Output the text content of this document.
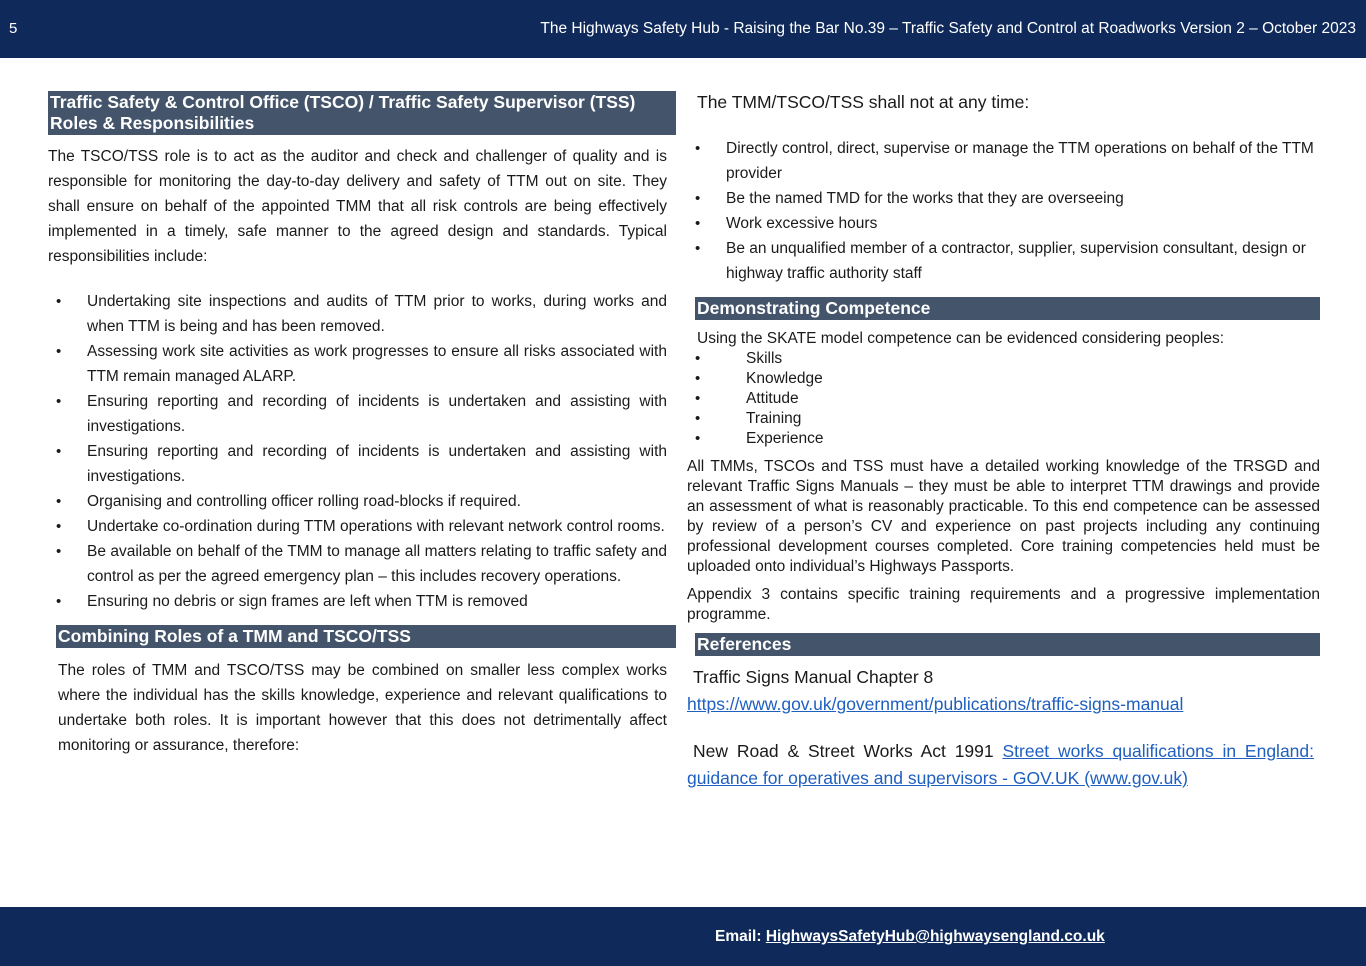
5	The Highways Safety Hub - Raising the Bar No.39 – Traffic Safety and Control at Roadworks Version 2 – October 2023
Traffic Safety & Control Office (TSCO) / Traffic Safety Supervisor (TSS) Roles & Responsibilities

The TSCO/TSS role is to act as the auditor and check and challenger of quality and is responsible for monitoring the day-to-day delivery and safety of TTM out on site. They shall ensure on behalf of the appointed TMM that all risk controls are being effectively implemented in a timely, safe manner to the agreed design and standards. Typical responsibilities include:

• Undertaking site inspections and audits of TTM prior to works, during works and when TTM is being and has been removed.
• Assessing work site activities as work progresses to ensure all risks associated with TTM remain managed ALARP.
• Ensuring reporting and recording of incidents is undertaken and assisting with investigations.
• Ensuring reporting and recording of incidents is undertaken and assisting with investigations.
• Organising and controlling officer rolling road-blocks if required.
• Undertake co-ordination during TTM operations with relevant network control rooms.
• Be available on behalf of the TMM to manage all matters relating to traffic safety and control as per the agreed emergency plan – this includes recovery operations.
• Ensuring no debris or sign frames are left when TTM is removed
Combining Roles of a TMM and TSCO/TSS

The roles of TMM and TSCO/TSS may be combined on smaller less complex works where the individual has the skills knowledge, experience and relevant qualifications to undertake both roles. It is important however that this does not detrimentally affect monitoring or assurance, therefore:

The TMM/TSCO/TSS shall not at any time:

• Directly control, direct, supervise or manage the TTM operations on behalf of the TTM provider
• Be the named TMD for the works that they are overseeing
• Work excessive hours
• Be an unqualified member of a contractor, supplier, supervision consultant, design or highway traffic authority staff
Demonstrating Competence

Using the SKATE model competence can be evidenced considering peoples:

• Skills
• Knowledge
• Attitude
• Training
• Experience

All TMMs, TSCOs and TSS must have a detailed working knowledge of the TRSGD and relevant Traffic Signs Manuals – they must be able to interpret TTM drawings and provide an assessment of what is reasonably practicable. To this end competence can be assessed by review of a person’s CV and experience on past projects including any continuing professional development courses completed. Core training competencies held must be uploaded onto individual’s Highways Passports.

Appendix 3 contains specific training requirements and a progressive implementation programme.

References

Traffic Signs Manual Chapter 8

https://www.gov.uk/government/publications/traffic-signs-manual

New Road & Street Works Act 1991 Street works qualifications in England: guidance for operatives and supervisors - GOV.UK (www.gov.uk)

Email: HighwaysSafetyHub@highwaysengland.co.uk
